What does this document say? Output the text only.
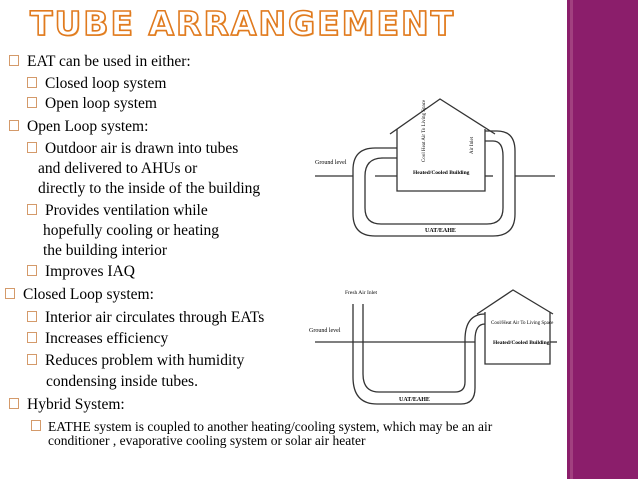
TUBE ARRANGEMENT
EAT can be used in either:
Closed loop system
Open loop system
Open Loop system:
Outdoor air is drawn into tubes
and delivered to AHUs or
directly to the inside of the building
Provides ventilation while
hopefully cooling or heating
the building interior
Improves IAQ
Closed Loop system:
Interior air circulates through EATs
Increases efficiency
Reduces problem with humidity
condensing inside tubes.
Hybrid System:
EATHE system is coupled to another heating/cooling system, which may be an air conditioner , evaporative cooling system or solar air heater
Ground level
Heated/Cooled Building
UAT/EAHE
Cool Heat Air To Living Space	Air Inlet
Fresh Air Inlet
Ground level
Heated/Cooled Building
UAT/EAHE
Cool/Heat Air To Living Space
